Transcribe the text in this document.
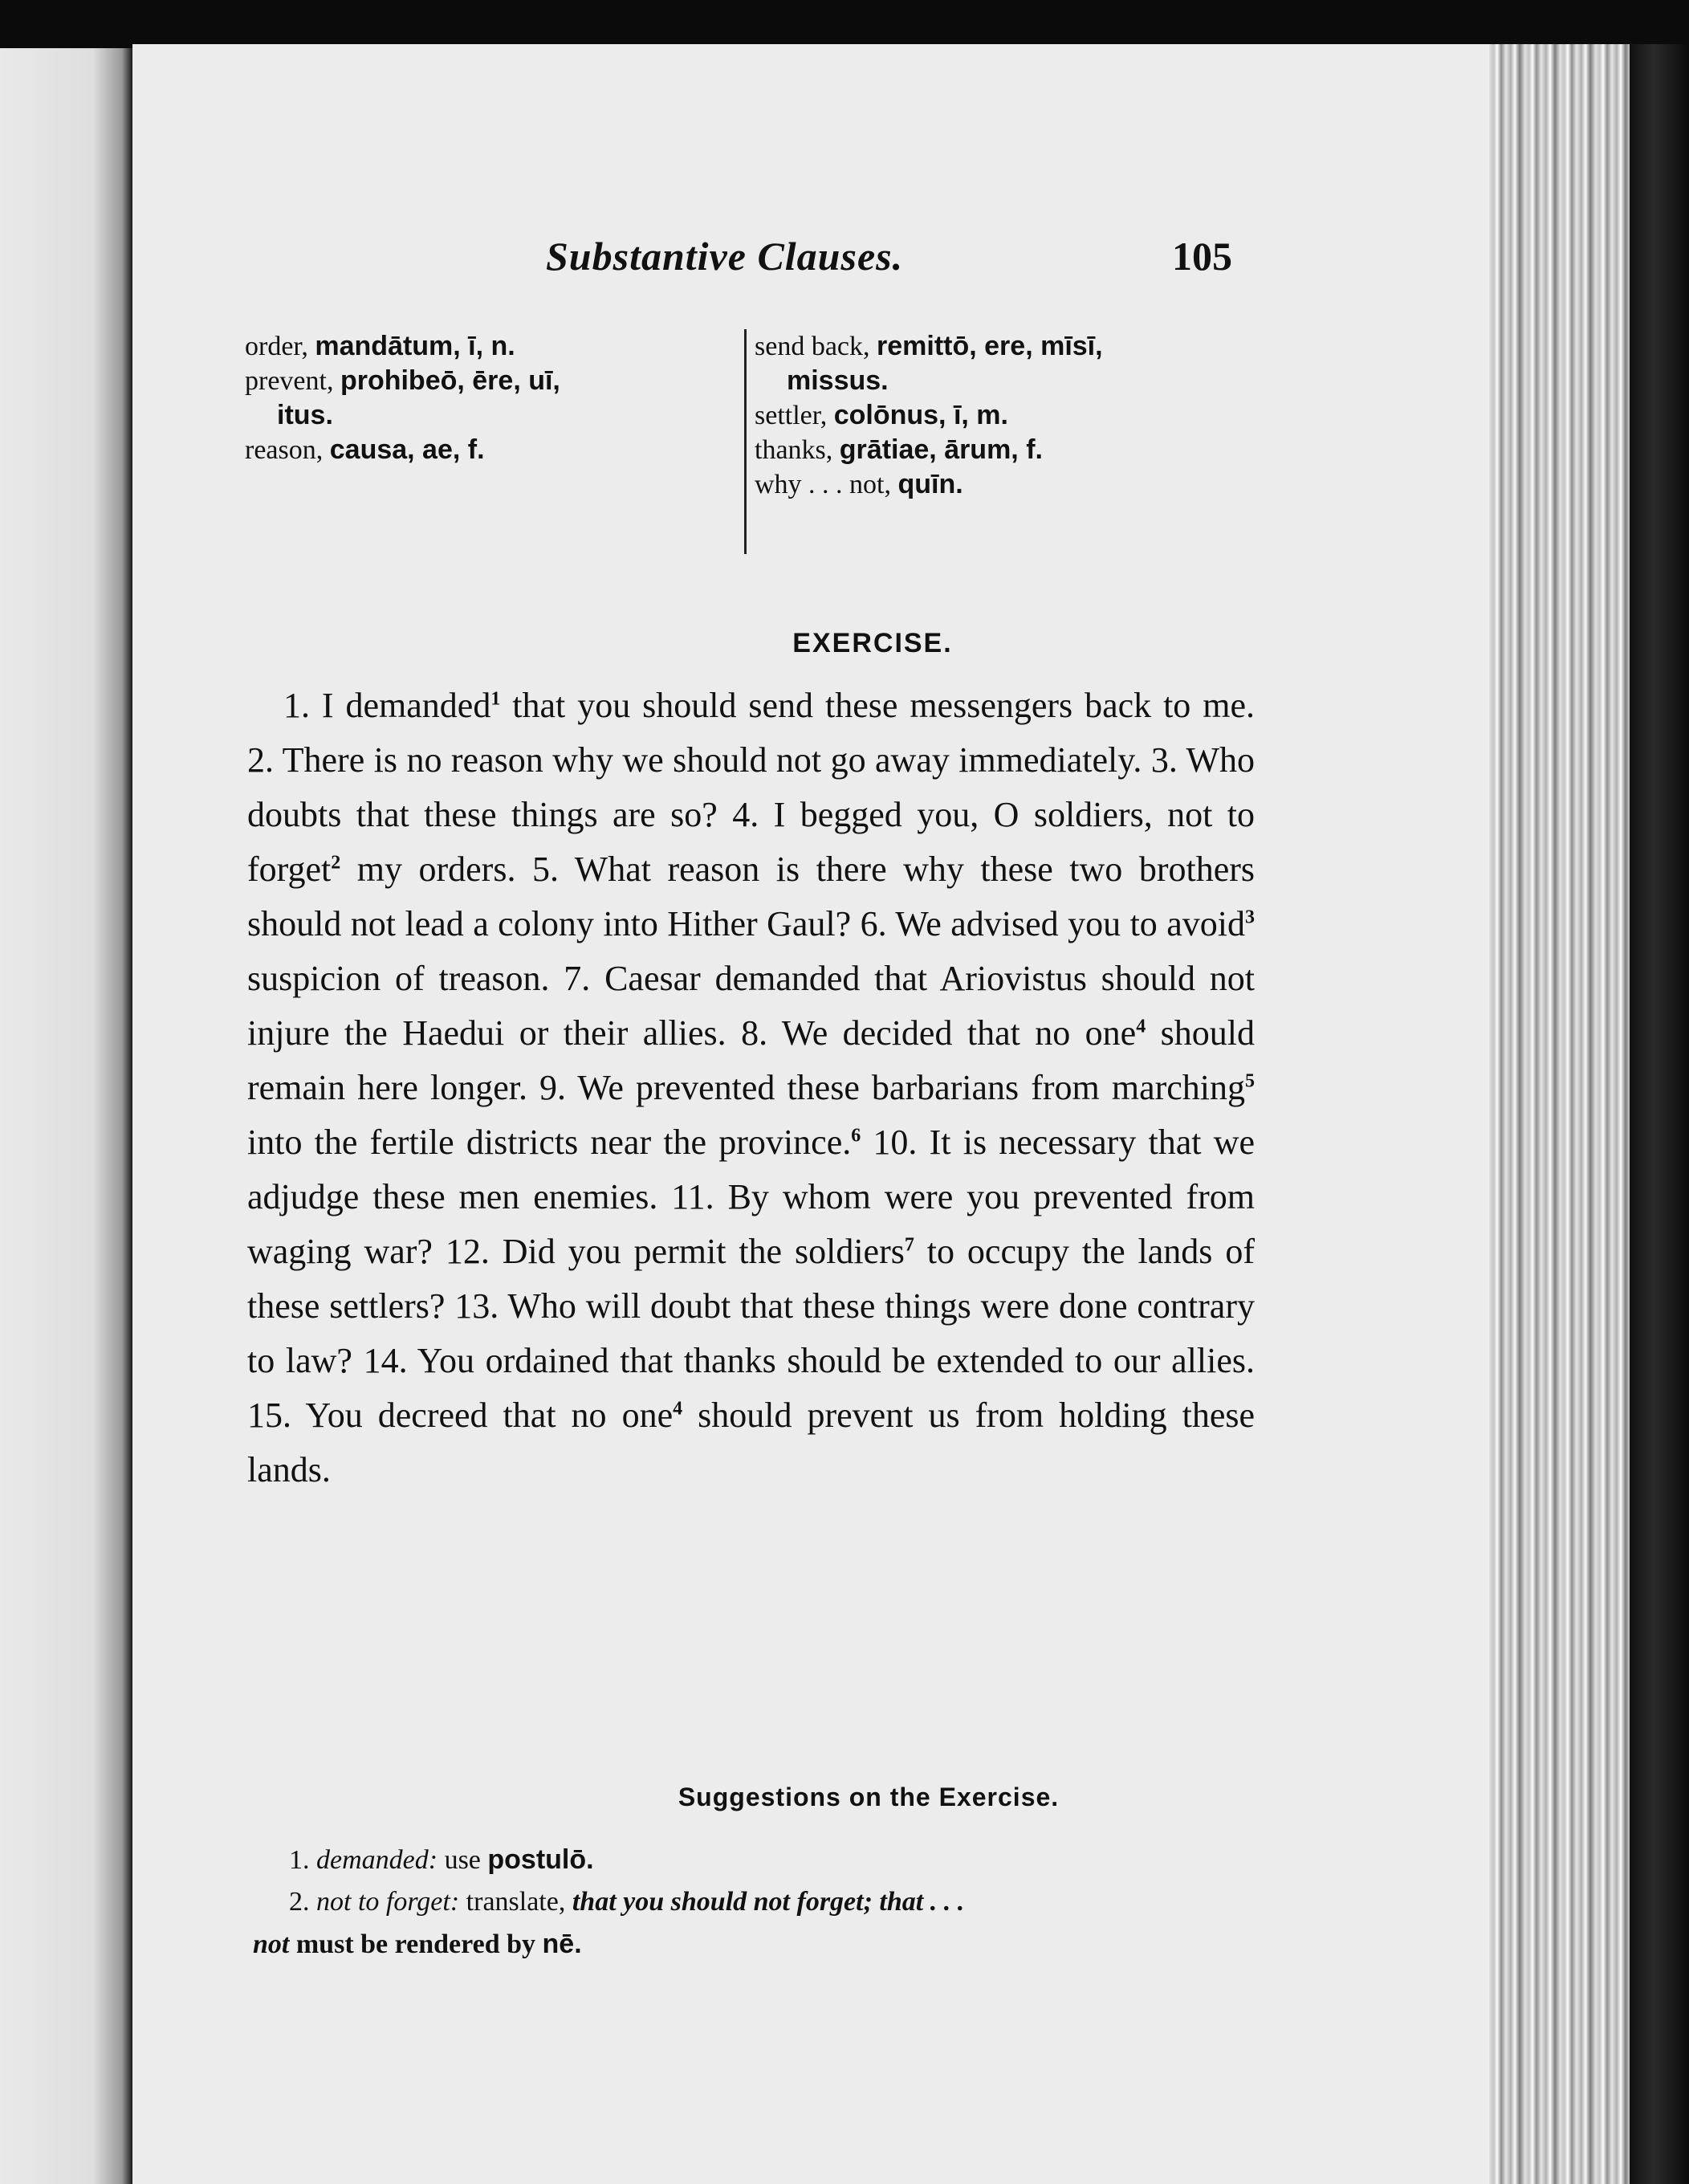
Substantive Clauses.	105
order, mandātum, ī, n.
prevent, prohibeō, ēre, uī,
itus.
reason, causa, ae, f.
send back, remittō, ere, mīsī,
missus.
settler, colōnus, ī, m.
thanks, grātiae, ārum, f.
why . . . not, quīn.
EXERCISE.
1. I demanded$^1$ that you should send these messengers back to me. 2. There is no reason why we should not go away immediately. 3. Who doubts that these things are so? 4. I begged you, O soldiers, not to forget$^2$ my orders. 5. What reason is there why these two brothers should not lead a colony into Hither Gaul? 6. We advised you to avoid$^3$ suspicion of treason. 7. Caesar demanded that Ariovistus should not injure the Haedui or their allies. 8. We decided that no one$^4$ should remain here longer. 9. We prevented these barbarians from marching$^5$ into the fertile districts near the province.$^6$ 10. It is necessary that we adjudge these men enemies. 11. By whom were you prevented from waging war? 12. Did you permit the soldiers$^7$ to occupy the lands of these settlers? 13. Who will doubt that these things were done contrary to law? 14. You ordained that thanks should be extended to our allies. 15. You decreed that no one$^4$ should prevent us from holding these lands.
Suggestions on the Exercise.
1. demanded: use postulō.
2. not to forget: translate, that you should not forget; that . . .
not must be rendered by nē.
